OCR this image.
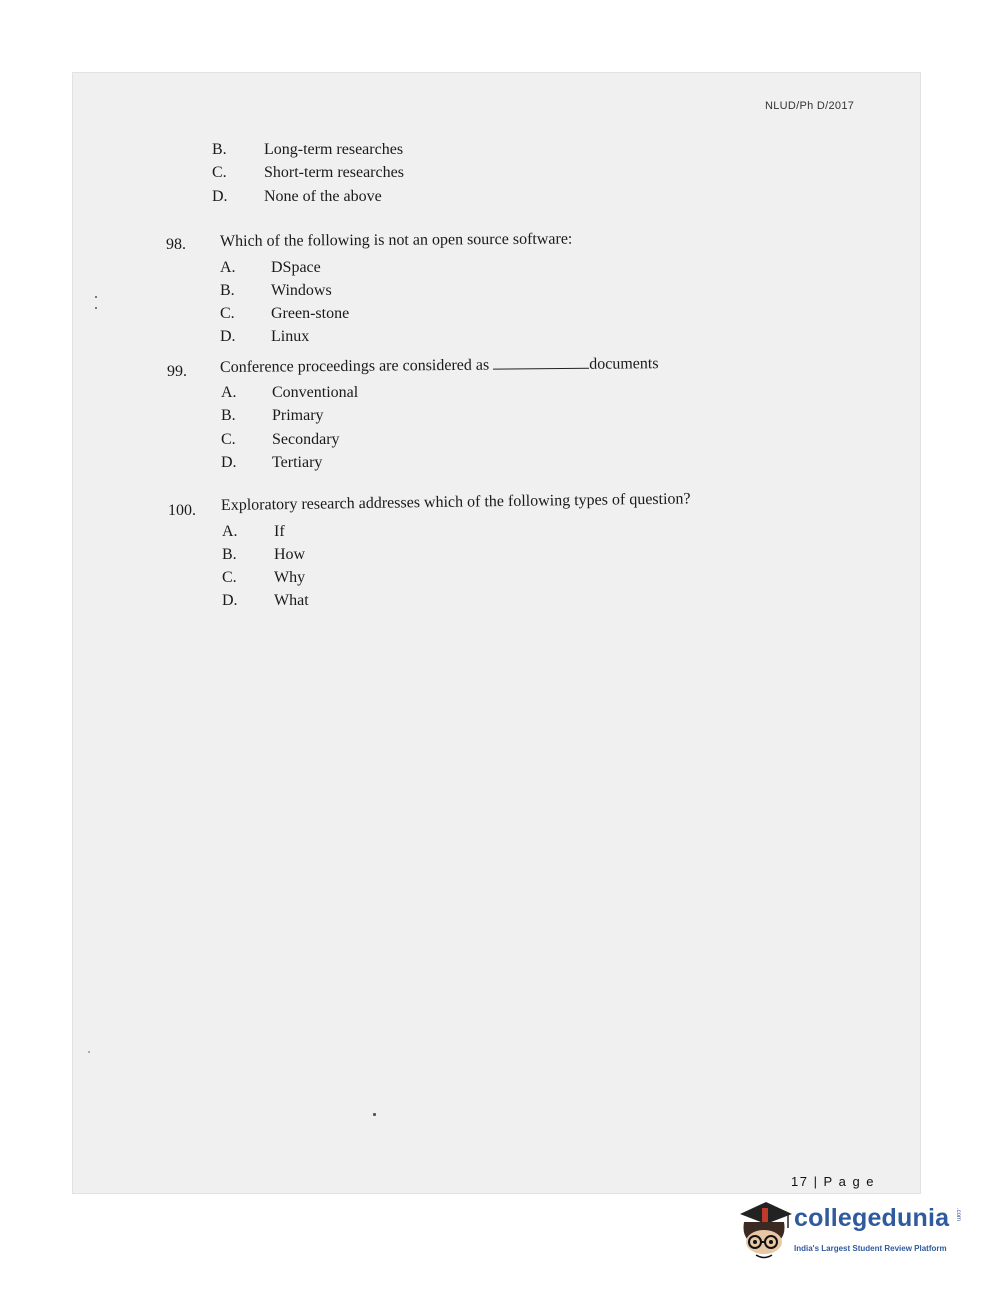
NLUD/Ph D/2017
B. Long-term researches
C. Short-term researches
D. None of the above
98. Which of the following is not an open source software:
A. DSpace
B. Windows
C. Green-stone
D. Linux
99. Conference proceedings are considered as	documents
A. Conventional
B. Primary
C. Secondary
D. Tertiary
100. Exploratory research addresses which of the following types of question?
A. If
B. How
C. Why
D. What
17 | P a g e
collegedunia .com
India's Largest Student Review Platform
